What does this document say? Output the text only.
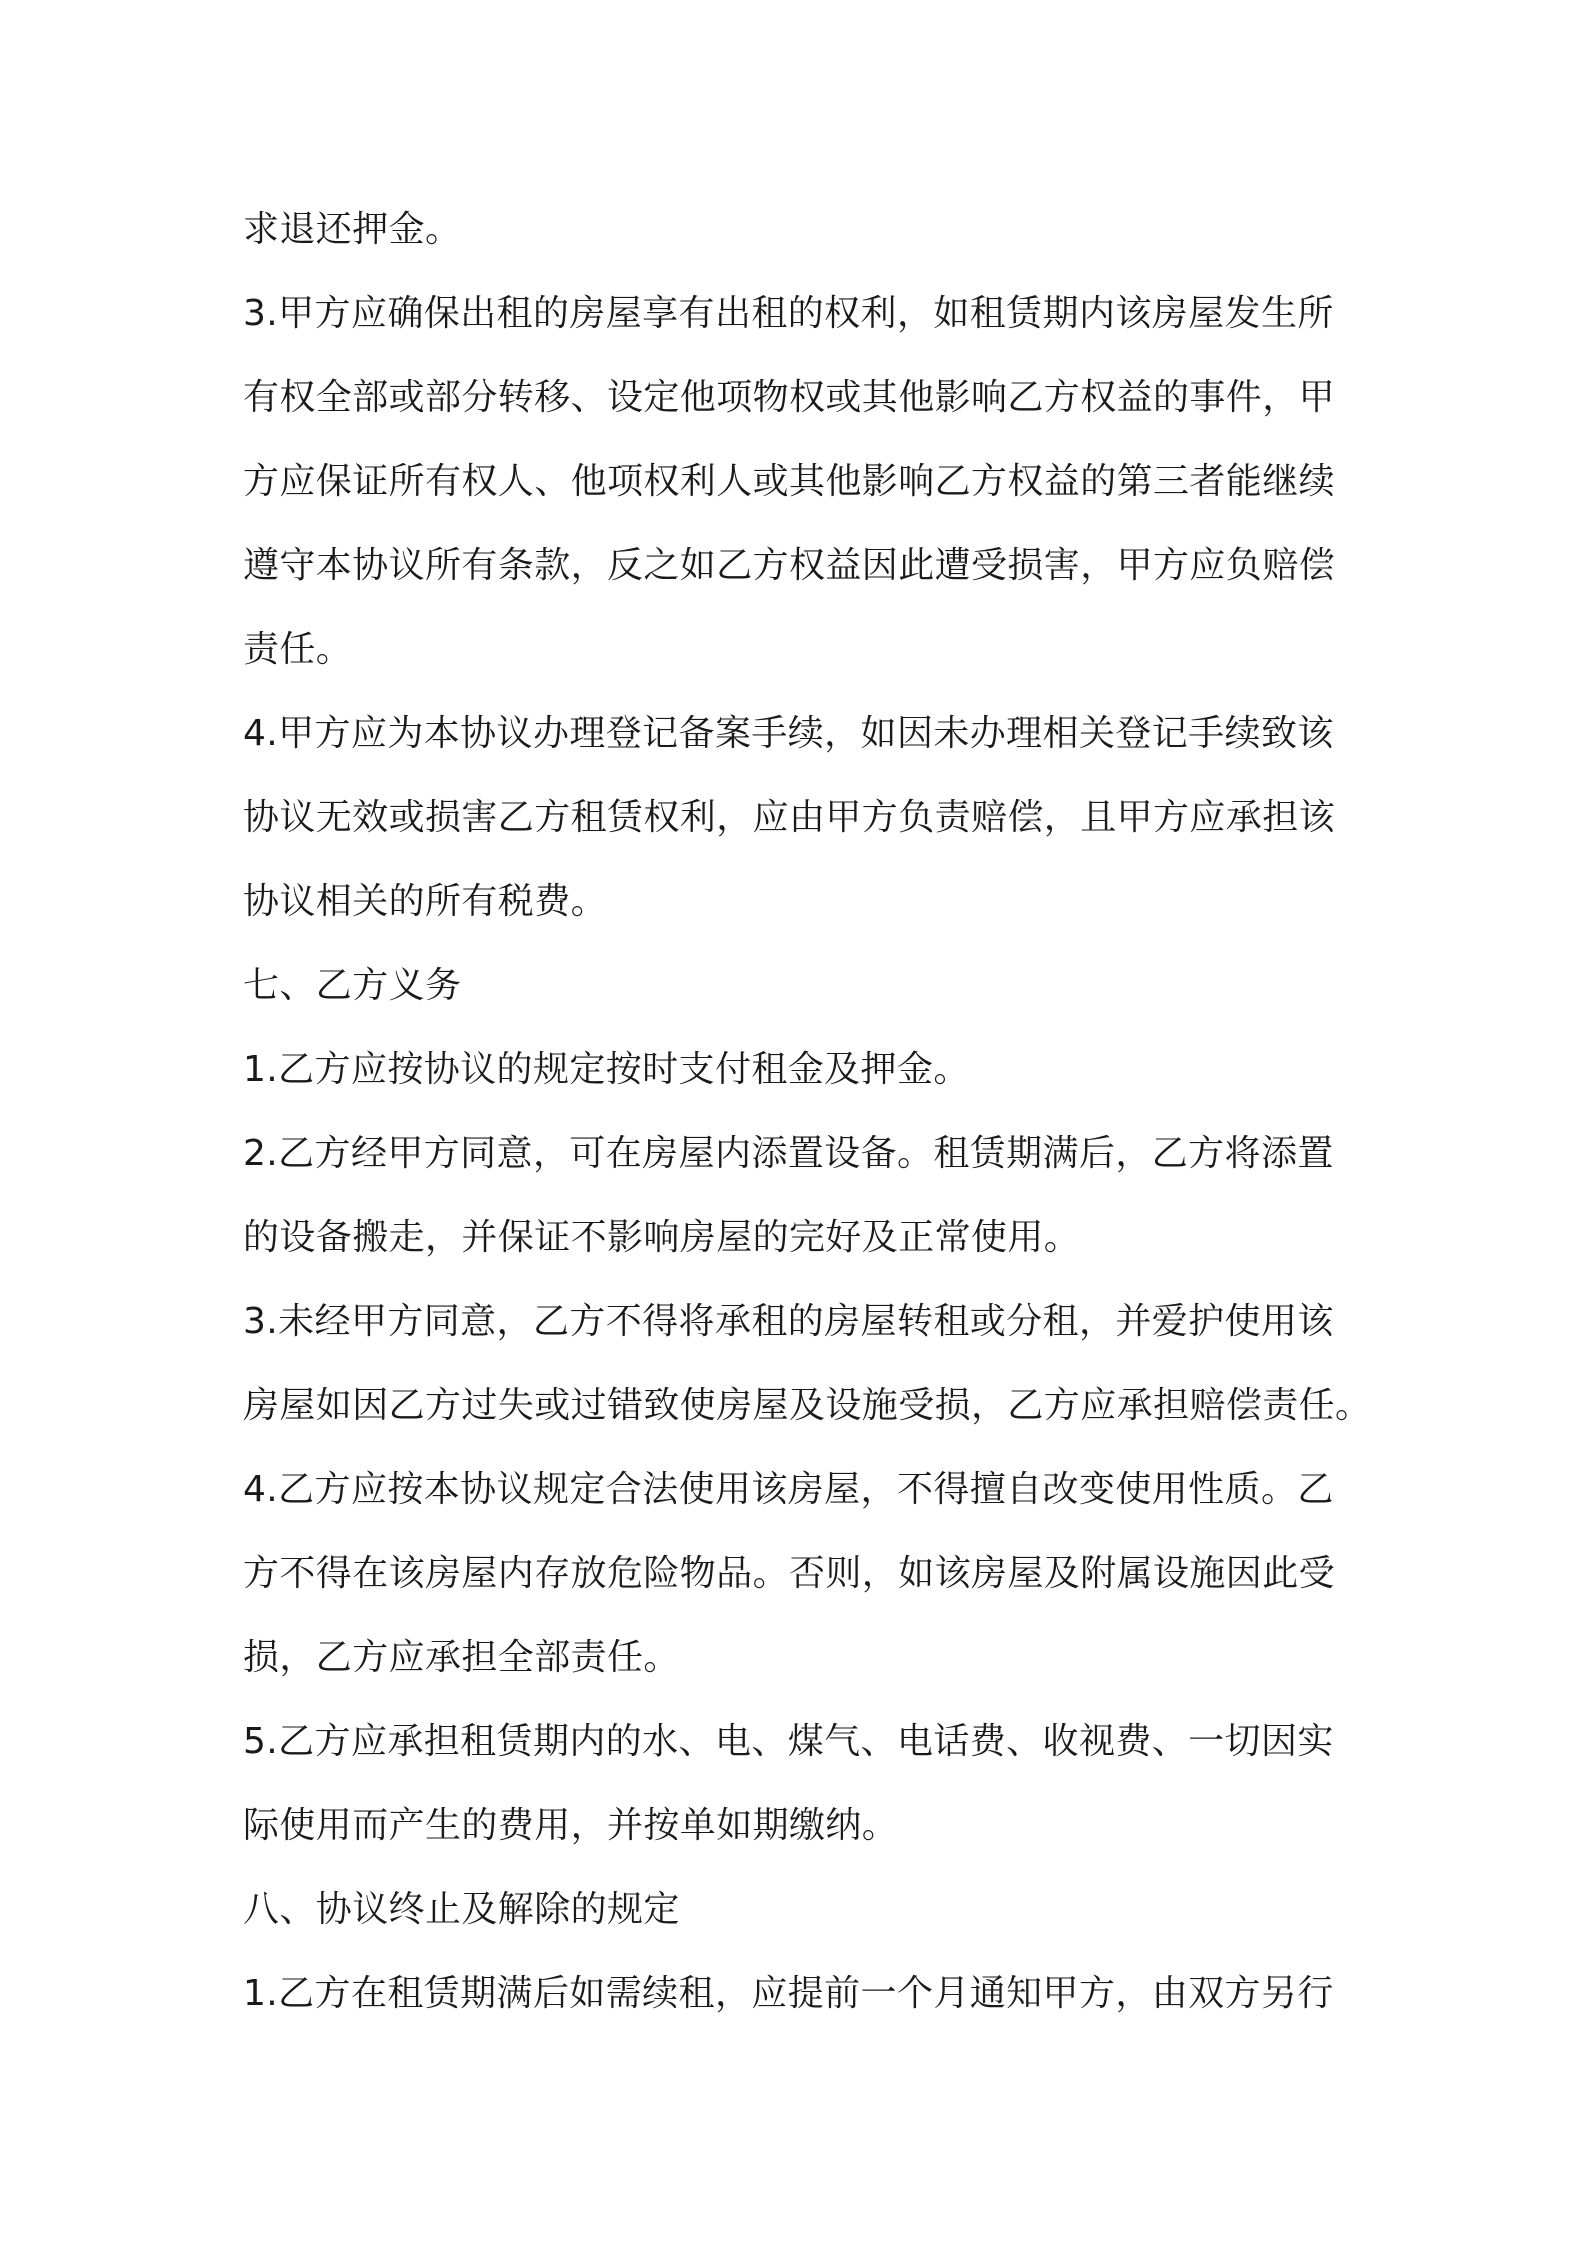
求退还押金。
3.甲方应确保出租的房屋享有出租的权利，如租赁期内该房屋发生所
有权全部或部分转移、设定他项物权或其他影响乙方权益的事件，甲
方应保证所有权人、他项权利人或其他影响乙方权益的第三者能继续
遵守本协议所有条款，反之如乙方权益因此遭受损害，甲方应负赔偿
责任。
4.甲方应为本协议办理登记备案手续，如因未办理相关登记手续致该
协议无效或损害乙方租赁权利，应由甲方负责赔偿，且甲方应承担该
协议相关的所有税费。
七、乙方义务
1.乙方应按协议的规定按时支付租金及押金。
2.乙方经甲方同意，可在房屋内添置设备。租赁期满后，乙方将添置
的设备搬走，并保证不影响房屋的完好及正常使用。
3.未经甲方同意，乙方不得将承租的房屋转租或分租，并爱护使用该
房屋如因乙方过失或过错致使房屋及设施受损，乙方应承担赔偿责任。
4.乙方应按本协议规定合法使用该房屋，不得擅自改变使用性质。乙
方不得在该房屋内存放危险物品。否则，如该房屋及附属设施因此受
损，乙方应承担全部责任。
5.乙方应承担租赁期内的水、电、煤气、电话费、收视费、一切因实
际使用而产生的费用，并按单如期缴纳。
八、协议终止及解除的规定
1.乙方在租赁期满后如需续租，应提前一个月通知甲方，由双方另行
